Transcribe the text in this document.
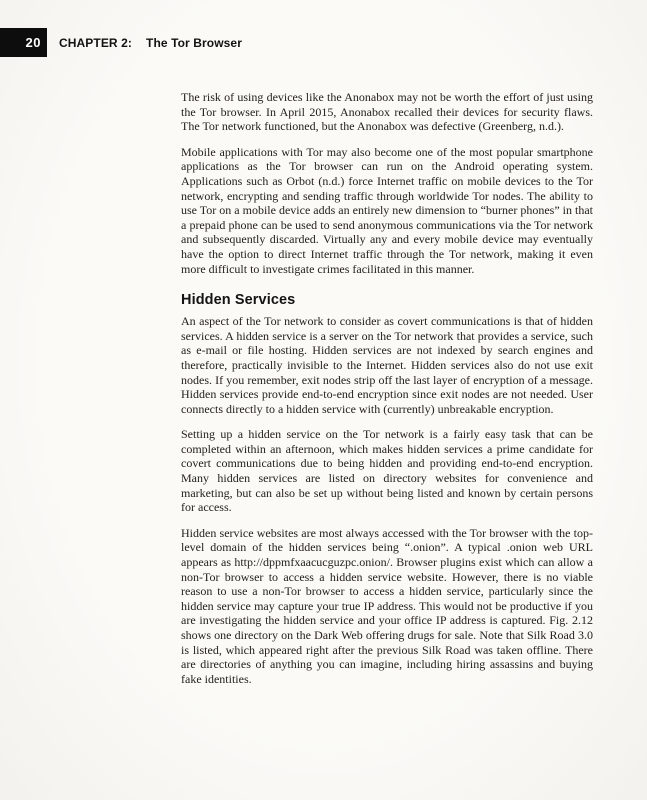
20 CHAPTER 2: The Tor Browser

The risk of using devices like the Anonabox may not be worth the effort of just using the Tor browser. In April 2015, Anonabox recalled their devices for security flaws. The Tor network functioned, but the Anonabox was defective (Greenberg, n.d.).

Mobile applications with Tor may also become one of the most popular smartphone applications as the Tor browser can run on the Android operating system. Applications such as Orbot (n.d.) force Internet traffic on mobile devices to the Tor network, encrypting and sending traffic through worldwide Tor nodes. The ability to use Tor on a mobile device adds an entirely new dimension to “burner phones” in that a prepaid phone can be used to send anonymous communications via the Tor network and subsequently discarded. Virtually any and every mobile device may eventually have the option to direct Internet traffic through the Tor network, making it even more difficult to investigate crimes facilitated in this manner.

Hidden Services

An aspect of the Tor network to consider as covert communications is that of hidden services. A hidden service is a server on the Tor network that provides a service, such as e-mail or file hosting. Hidden services are not indexed by search engines and therefore, practically invisible to the Internet. Hidden services also do not use exit nodes. If you remember, exit nodes strip off the last layer of encryption of a message. Hidden services provide end-to-end encryption since exit nodes are not needed. User connects directly to a hidden service with (currently) unbreakable encryption.

Setting up a hidden service on the Tor network is a fairly easy task that can be completed within an afternoon, which makes hidden services a prime candidate for covert communications due to being hidden and providing end-to-end encryption. Many hidden services are listed on directory websites for convenience and marketing, but can also be set up without being listed and known by certain persons for access.

Hidden service websites are most always accessed with the Tor browser with the top-level domain of the hidden services being “.onion”. A typical .onion web URL appears as http://dppmfxaacucguzpc.onion/. Browser plugins exist which can allow a non-Tor browser to access a hidden service website. However, there is no viable reason to use a non-Tor browser to access a hidden service, particularly since the hidden service may capture your true IP address. This would not be productive if you are investigating the hidden service and your office IP address is captured. Fig. 2.12 shows one directory on the Dark Web offering drugs for sale. Note that Silk Road 3.0 is listed, which appeared right after the previous Silk Road was taken offline. There are directories of anything you can imagine, including hiring assassins and buying fake identities.
